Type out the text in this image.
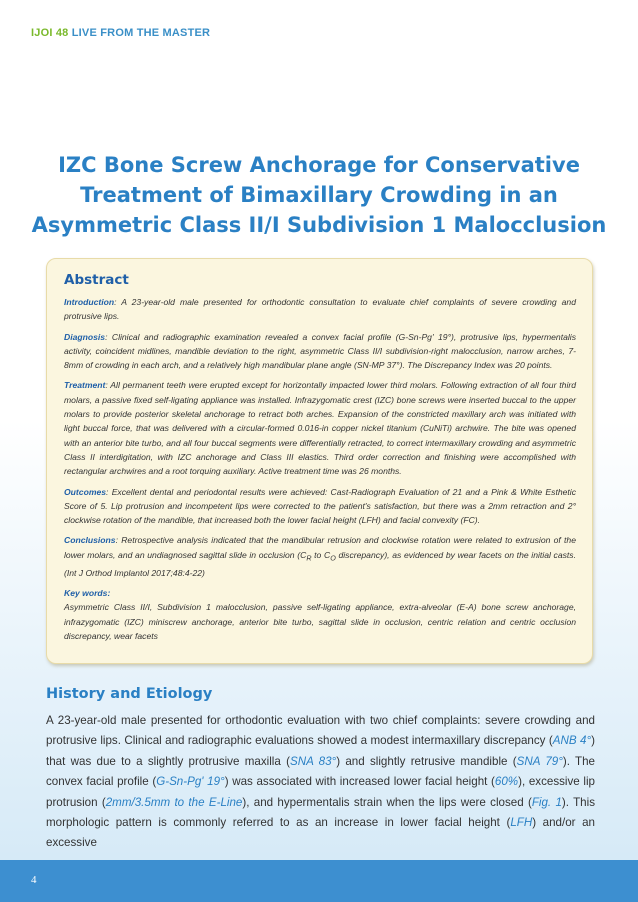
IJOI 48 LIVE FROM THE MASTER
IZC Bone Screw Anchorage for Conservative
Treatment of Bimaxillary Crowding in an
Asymmetric Class II/I Subdivision 1 Malocclusion
Abstract

Introduction: A 23-year-old male presented for orthodontic consultation to evaluate chief complaints of severe crowding and protrusive lips.

Diagnosis: Clinical and radiographic examination revealed a convex facial profile (G-Sn-Pg' 19°), protrusive lips, hypermentalis activity, coincident midlines, mandible deviation to the right, asymmetric Class II/I subdivision-right malocclusion, narrow arches, 7-8mm of crowding in each arch, and a relatively high mandibular plane angle (SN-MP 37°). The Discrepancy Index was 20 points.

Treatment: All permanent teeth were erupted except for horizontally impacted lower third molars. Following extraction of all four third molars, a passive fixed self-ligating appliance was installed. Infrazygomatic crest (IZC) bone screws were inserted buccal to the upper molars to provide posterior skeletal anchorage to retract both arches. Expansion of the constricted maxillary arch was initiated with light buccal force, that was delivered with a circular-formed 0.016-in copper nickel titanium (CuNiTi) archwire. The bite was opened with an anterior bite turbo, and all four buccal segments were differentially retracted, to correct intermaxillary crowding and asymmetric Class II interdigitation, with IZC anchorage and Class III elastics. Third order correction and finishing were accomplished with rectangular archwires and a root torquing auxiliary. Active treatment time was 26 months.

Outcomes: Excellent dental and periodontal results were achieved: Cast-Radiograph Evaluation of 21 and a Pink & White Esthetic Score of 5. Lip protrusion and incompetent lips were corrected to the patient's satisfaction, but there was a 2mm retraction and 2° clockwise rotation of the mandible, that increased both the lower facial height (LFH) and facial convexity (FC).

Conclusions: Retrospective analysis indicated that the mandibular retrusion and clockwise rotation were related to extrusion of the lower molars, and an undiagnosed sagittal slide in occlusion ($C_R$ to $C_O$ discrepancy), as evidenced by wear facets on the initial casts. (Int J Orthod Implantol 2017;48:4-22)

Key words:
Asymmetric Class II/I, Subdivision 1 malocclusion, passive self-ligating appliance, extra-alveolar (E-A) bone screw anchorage, infrazygomatic (IZC) miniscrew anchorage, anterior bite turbo, sagittal slide in occlusion, centric relation and centric occlusion discrepancy, wear facets

History and Etiology

A 23-year-old male presented for orthodontic evaluation with two chief complaints: severe crowding and protrusive lips. Clinical and radiographic evaluations showed a modest intermaxillary discrepancy (ANB 4°) that was due to a slightly protrusive maxilla (SNA 83°) and slightly retrusive mandible (SNA 79°). The convex facial profile (G-Sn-Pg' 19°) was associated with increased lower facial height (60%), excessive lip protrusion (2mm/3.5mm to the E-Line), and hypermentalis strain when the lips were closed (Fig. 1). This morphologic pattern is commonly referred to as an increase in lower facial height (LFH) and/or an excessive

4
